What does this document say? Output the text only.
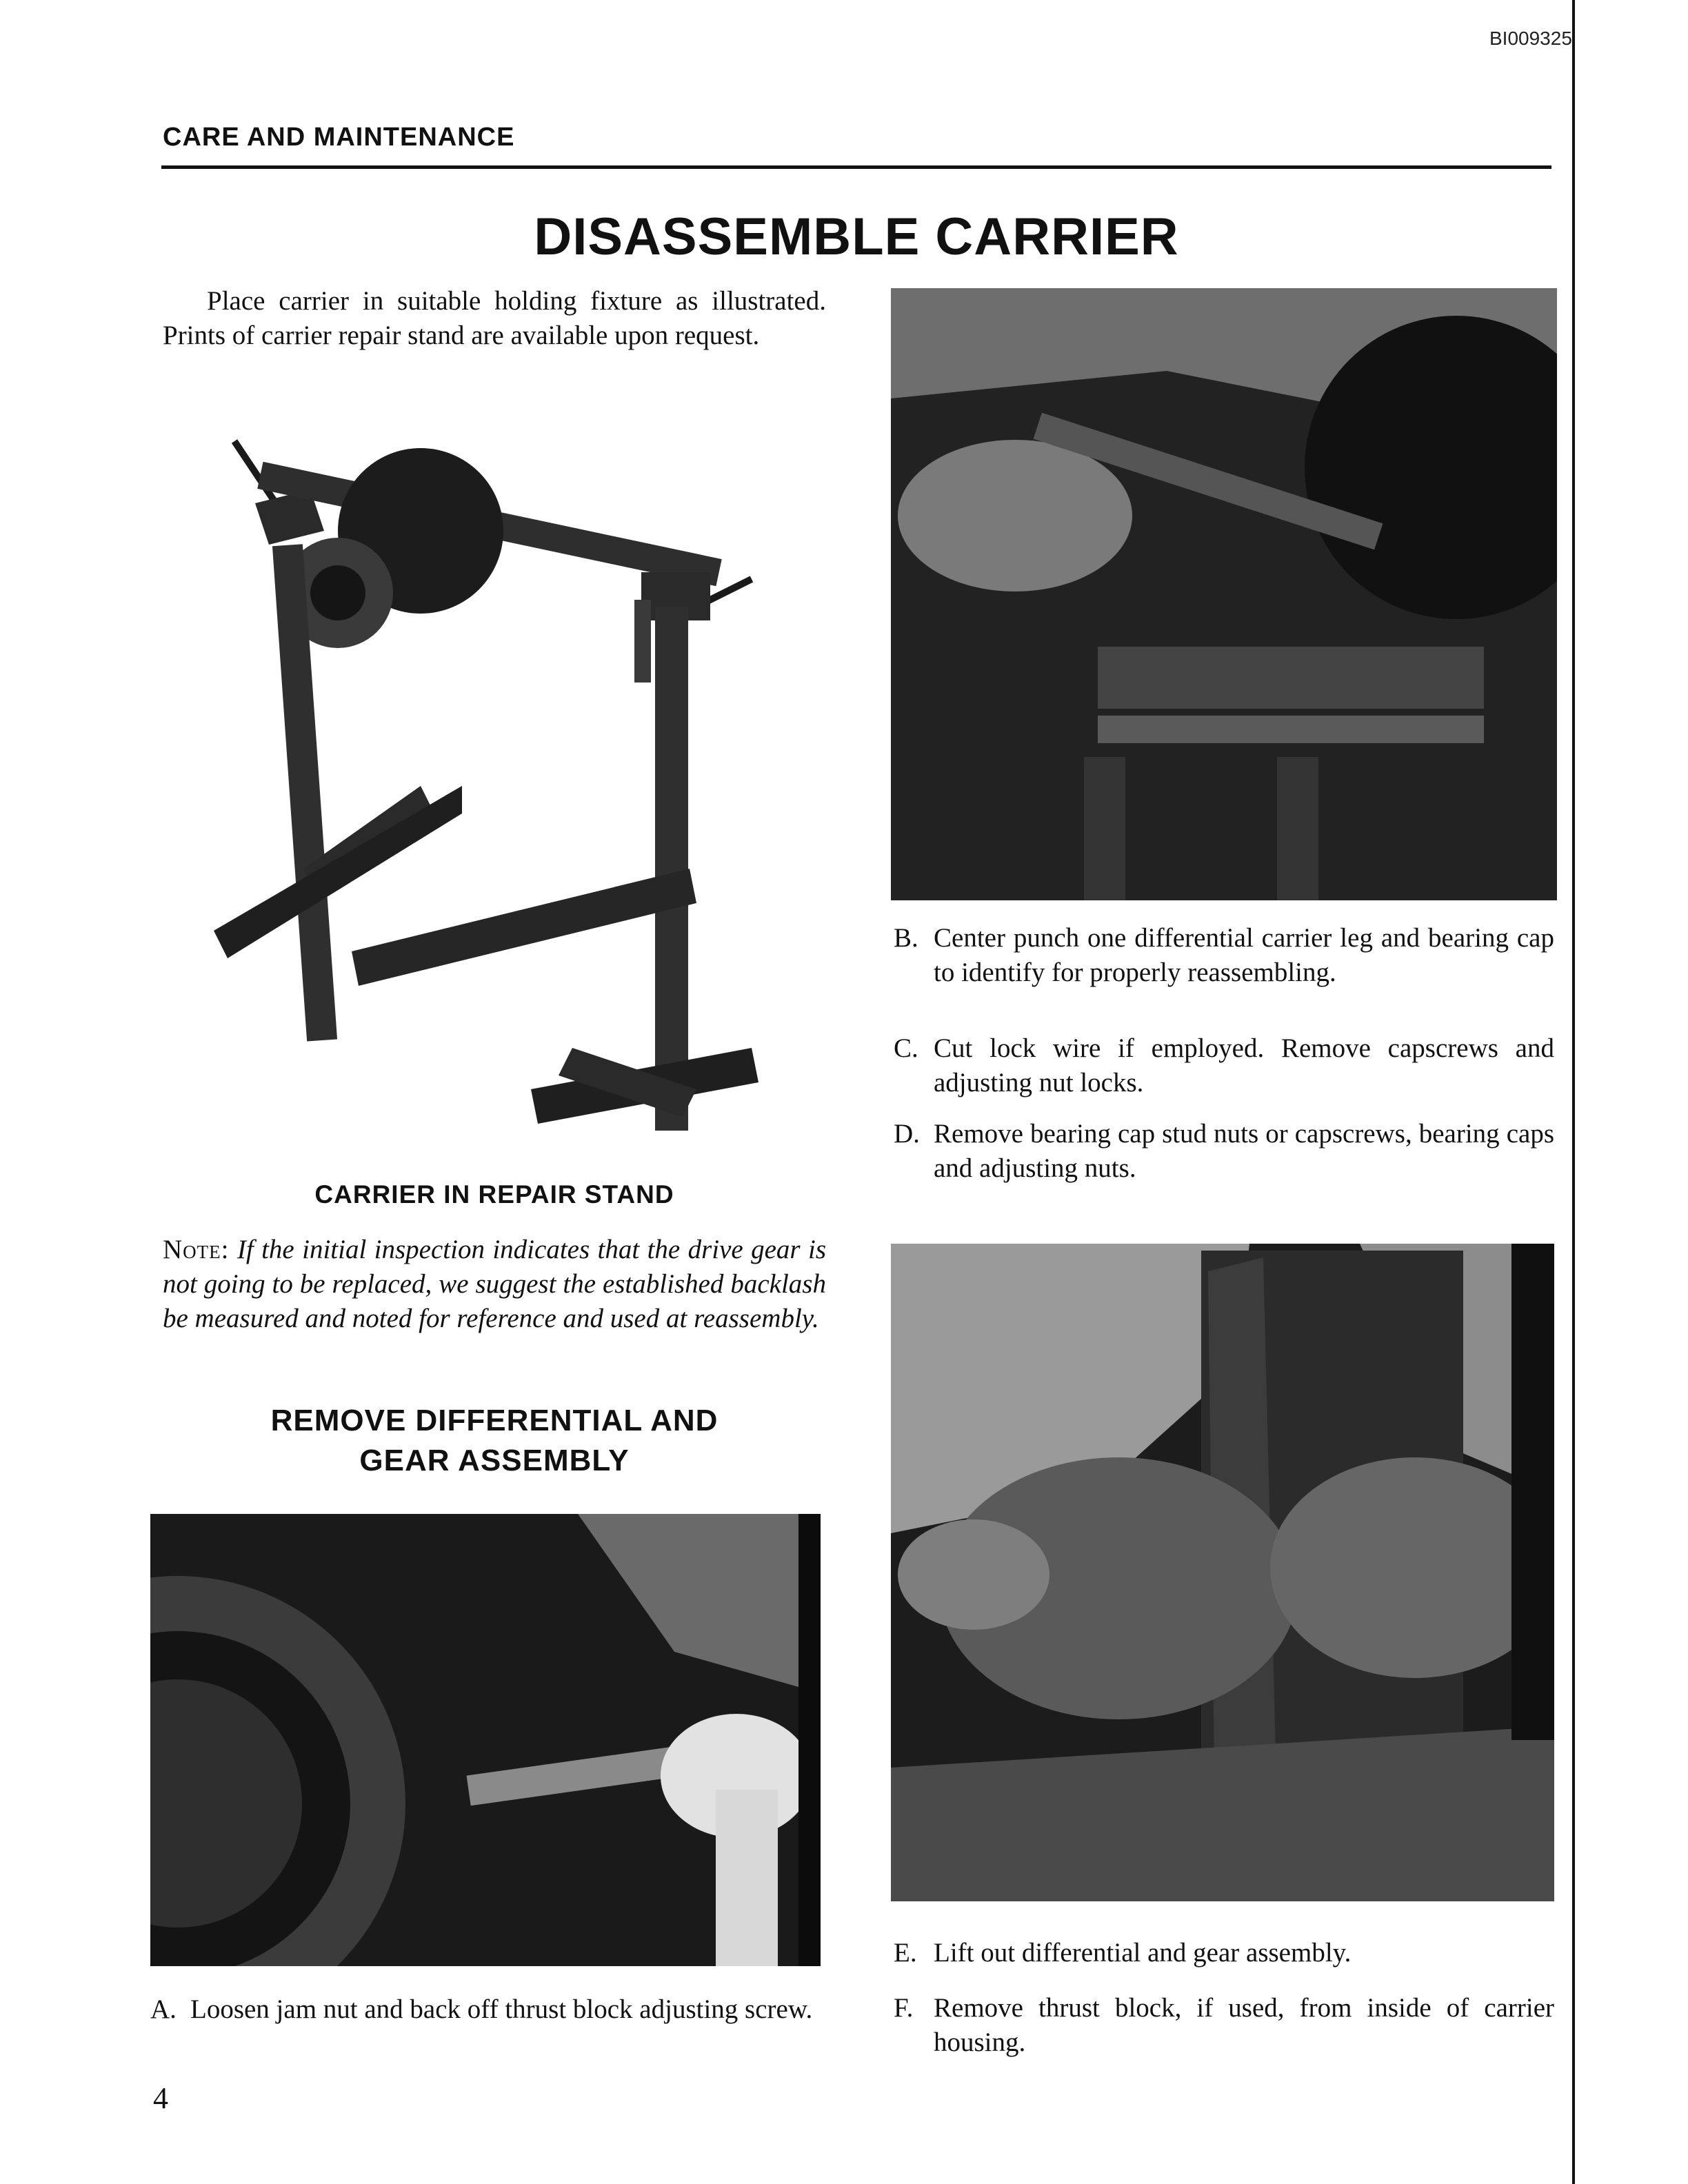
BI009325
CARE AND MAINTENANCE
DISASSEMBLE CARRIER
Place carrier in suitable holding fixture as illustrated. Prints of carrier repair stand are available upon request.
CARRIER IN REPAIR STAND
Note: If the initial inspection indicates that the drive gear is not going to be replaced, we suggest the established backlash be measured and noted for reference and used at reassembly.
REMOVE DIFFERENTIAL AND
GEAR ASSEMBLY
A. Loosen jam nut and back off thrust block adjusting screw.
B. Center punch one differential carrier leg and bearing cap to identify for properly reassembling.
C. Cut lock wire if employed. Remove capscrews and adjusting nut locks.
D. Remove bearing cap stud nuts or capscrews, bearing caps and adjusting nuts.
E. Lift out differential and gear assembly.
F. Remove thrust block, if used, from inside of carrier housing.
4
